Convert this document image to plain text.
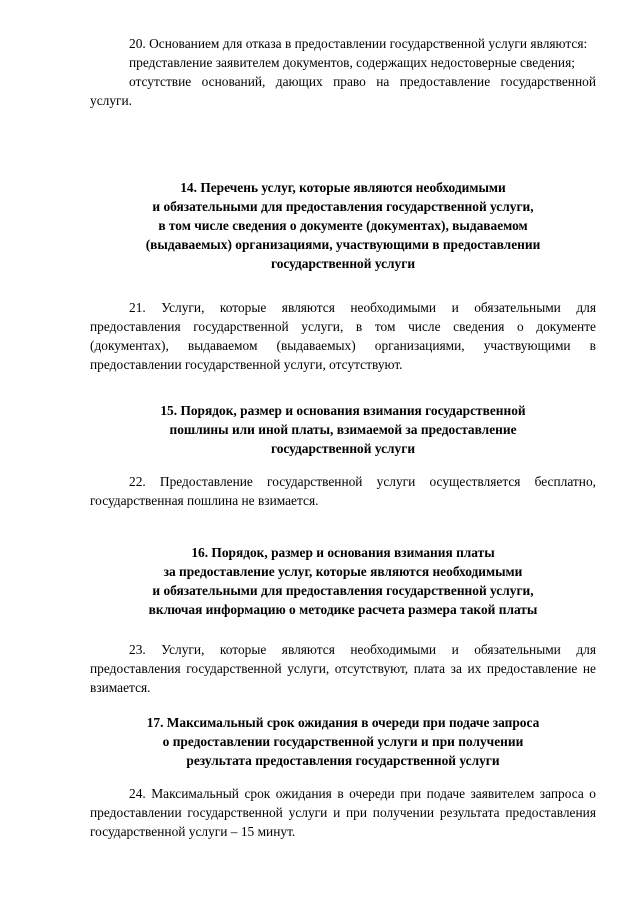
20. Основанием для отказа в предоставлении государственной услуги являются:

представление заявителем документов, содержащих недостоверные сведения;

отсутствие оснований, дающих право на предоставление государственной услуги.

14. Перечень услуг, которые являются необходимыми
и обязательными для предоставления государственной услуги,
в том числе сведения о документе (документах), выдаваемом
(выдаваемых) организациями, участвующими в предоставлении
государственной услуги

21. Услуги, которые являются необходимыми и обязательными для предоставления государственной услуги, в том числе сведения о документе (документах), выдаваемом (выдаваемых) организациями, участвующими в предоставлении государственной услуги, отсутствуют.

15. Порядок, размер и основания взимания государственной
пошлины или иной платы, взимаемой за предоставление
государственной услуги

22. Предоставление государственной услуги осуществляется бесплатно, государственная пошлина не взимается.

16. Порядок, размер и основания взимания платы
за предоставление услуг, которые являются необходимыми
и обязательными для предоставления государственной услуги,
включая информацию о методике расчета размера такой платы

23. Услуги, которые являются необходимыми и обязательными для предоставления государственной услуги, отсутствуют, плата за их предоставление не взимается.

17. Максимальный срок ожидания в очереди при подаче запроса
о предоставлении государственной услуги и при получении
результата предоставления государственной услуги

24. Максимальный срок ожидания в очереди при подаче заявителем запроса о предоставлении государственной услуги и при получении результата предоставления государственной услуги – 15 минут.
